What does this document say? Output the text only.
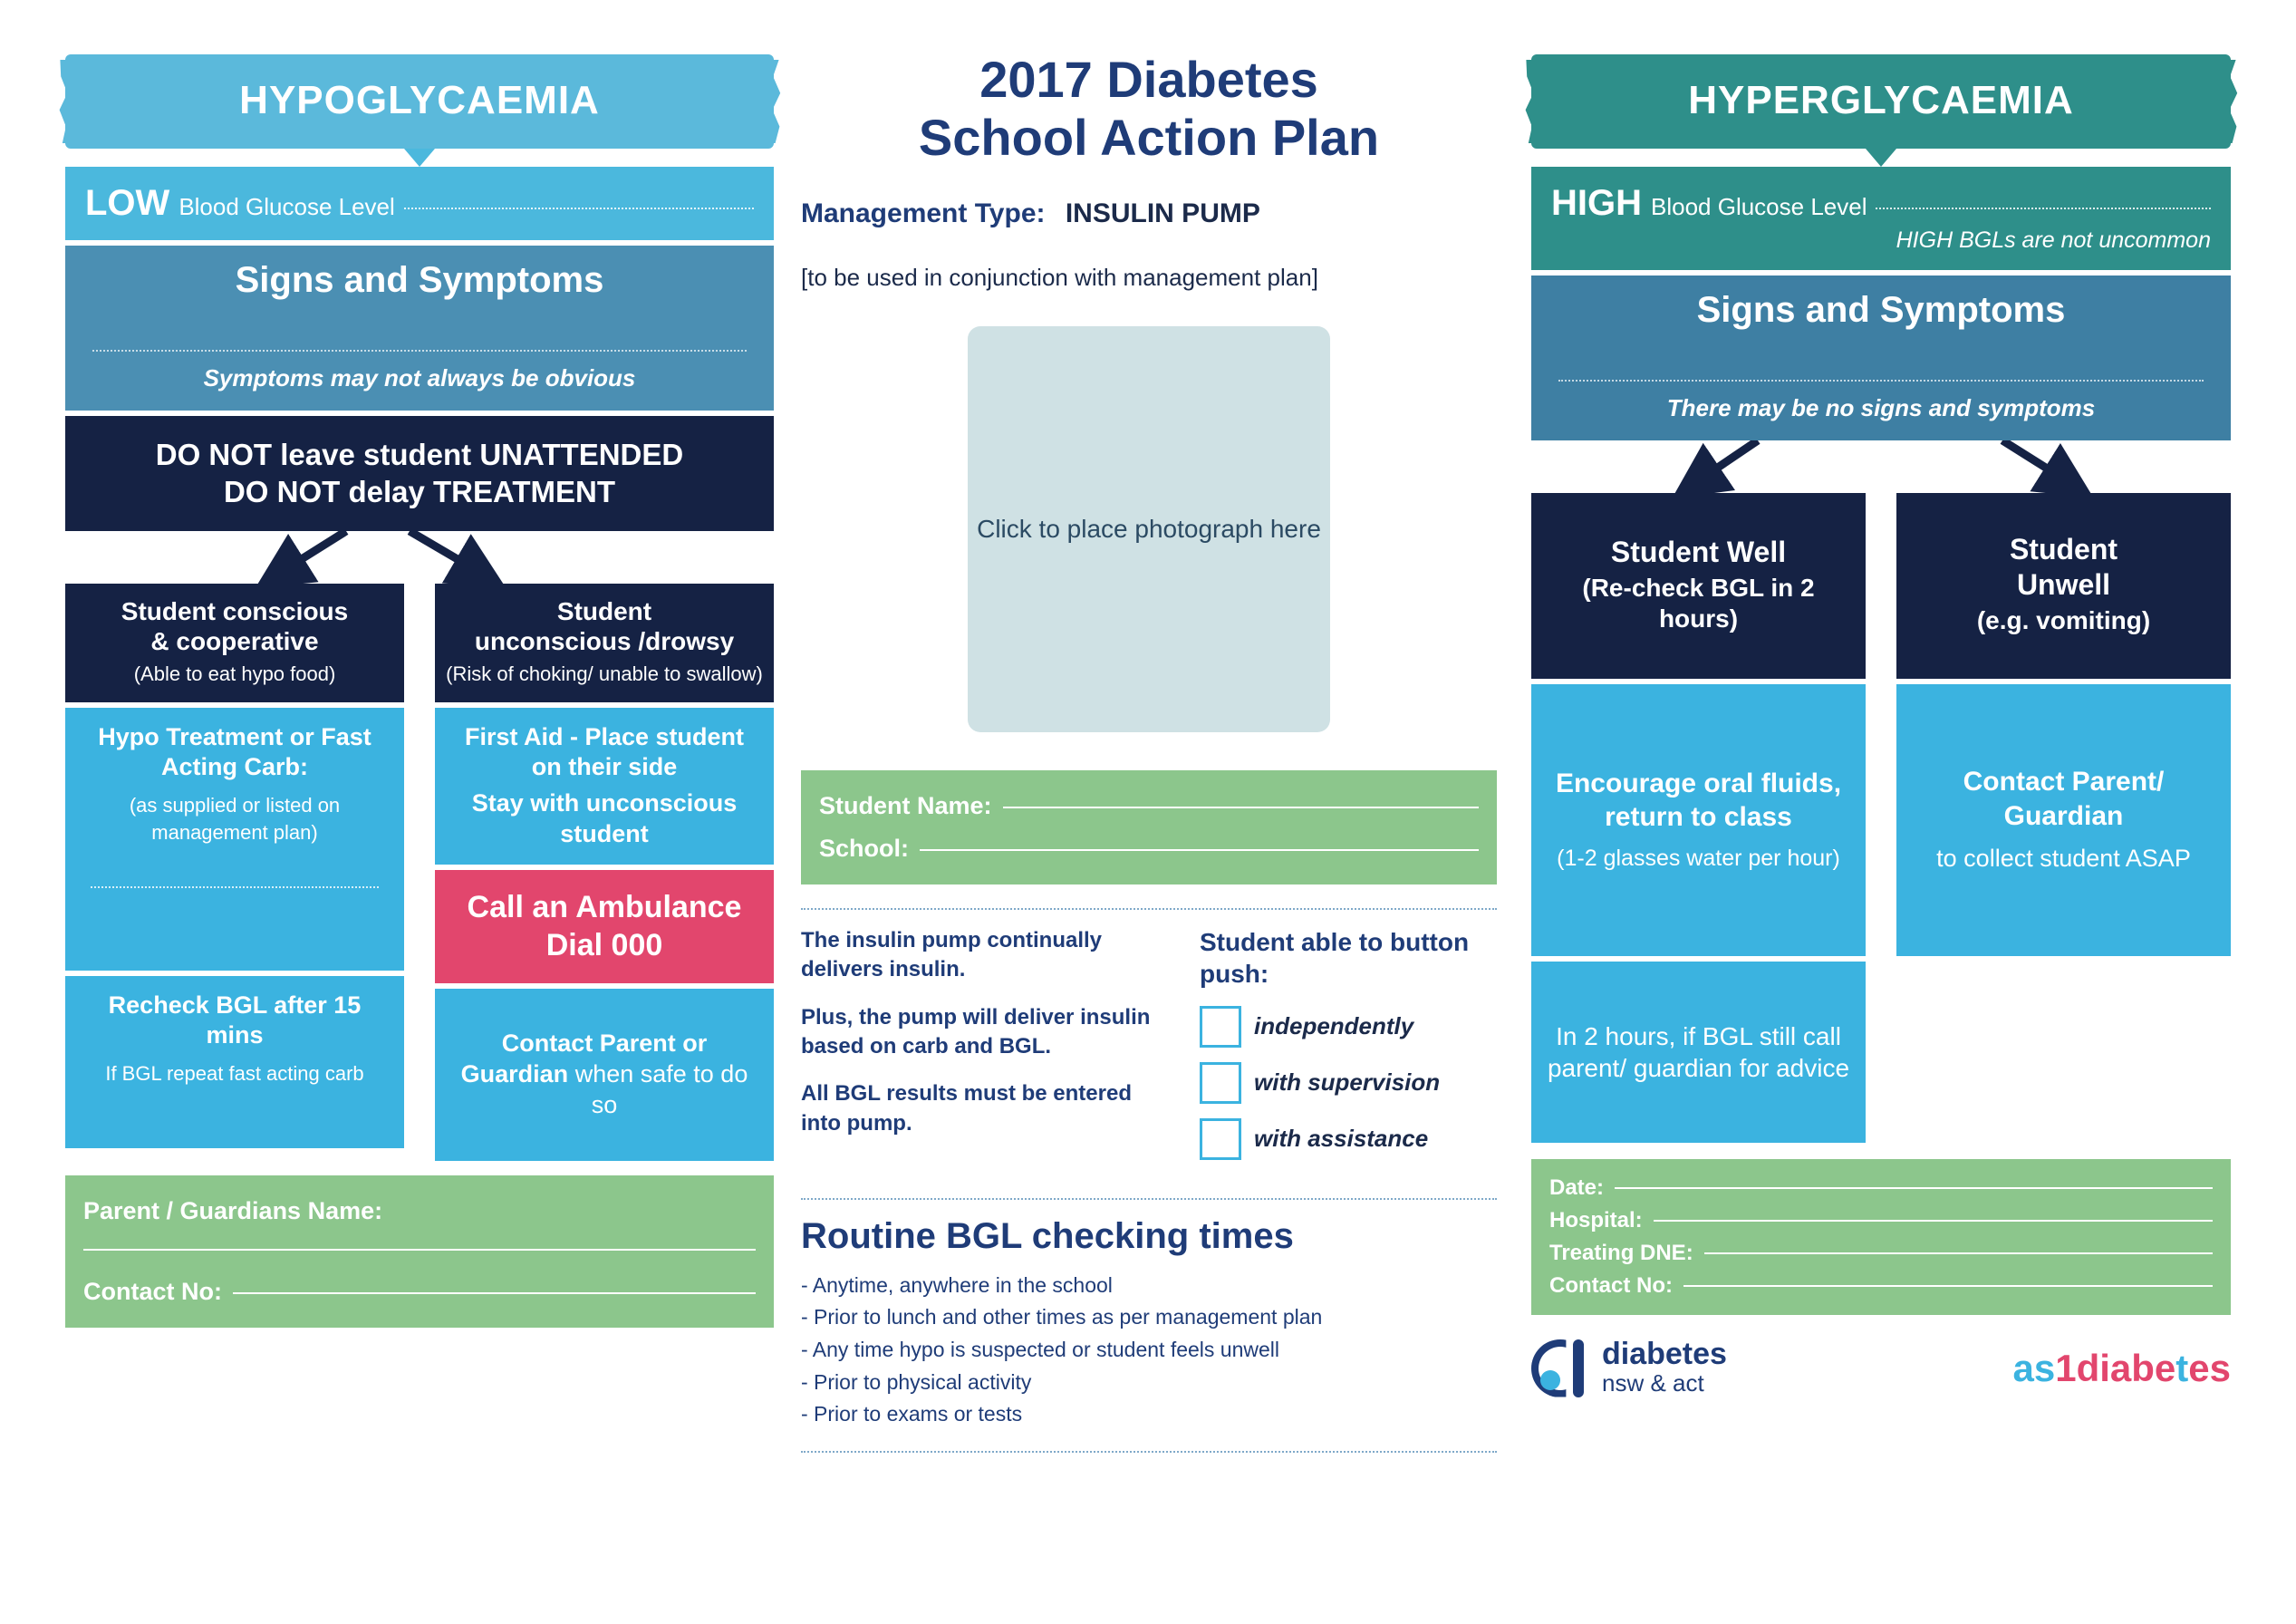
HYPOGLYCAEMIA
LOW Blood Glucose Level
Signs and Symptoms
Symptoms may not always be obvious
DO NOT leave student UNATTENDED
DO NOT delay TREATMENT
Student conscious
& cooperative
(Able to eat hypo food)
Hypo Treatment or Fast Acting Carb:
(as supplied or listed on management plan)
Recheck BGL after 15 mins
If BGL repeat fast acting carb
Student
unconscious /drowsy
(Risk of choking/ unable to swallow)
First Aid - Place student on their side
Stay with unconscious student
Call an Ambulance Dial 000
Contact Parent or Guardian when safe to do so
Parent / Guardians Name:
Contact No:
2017 Diabetes
School Action Plan
Management Type: INSULIN PUMP
[to be used in conjunction with management plan]
Click to place photograph here
Student Name:
School:
The insulin pump continually delivers insulin.
Plus, the pump will deliver insulin based on carb and BGL.
All BGL results must be entered into pump.
Student able to button push:
independently
with supervision
with assistance
Routine BGL checking times
- Anytime, anywhere in the school
- Prior to lunch and other times as per management plan
- Any time hypo is suspected or student feels unwell
- Prior to physical activity
- Prior to exams or tests
HYPERGLYCAEMIA
HIGH Blood Glucose Level
HIGH BGLs are not uncommon
Signs and Symptoms
There may be no signs and symptoms
Student Well
(Re-check BGL in 2 hours)
Encourage oral fluids, return to class
(1-2 glasses water per hour)
In 2 hours, if BGL still call parent/ guardian for advice
Student
Unwell
(e.g. vomiting)
Contact Parent/ Guardian
to collect student ASAP
Date:
Hospital:
Treating DNE:
Contact No:
diabetes
nsw & act	as1diabetes
